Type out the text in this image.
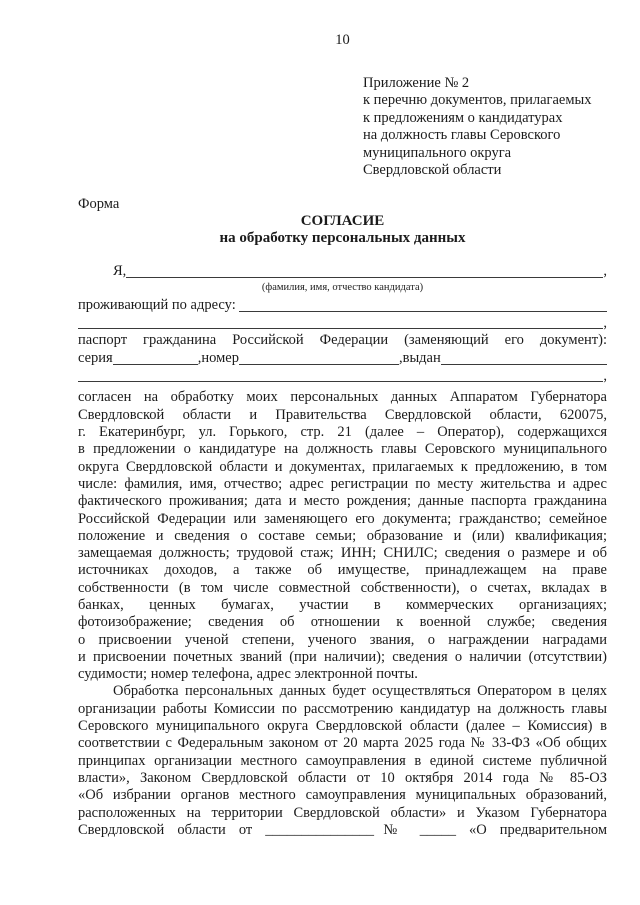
10
Приложение № 2
к перечню документов, прилагаемых
к предложениям о кандидатурах
на должность главы Серовского
муниципального округа
Свердловской области
Форма
СОГЛАСИЕ
на обработку персональных данных
Я,	,
(фамилия, имя, отчество кандидата)
проживающий по адресу:
,
паспорт гражданина Российской Федерации (заменяющий его документ):
серия	,номер	,выдан
,
согласен на обработку моих персональных данных Аппаратом Губернатора
Свердловской области и Правительства Свердловской области, 620075,
г. Екатеринбург, ул. Горького, стр. 21 (далее – Оператор), содержащихся
в предложении о кандидатуре на должность главы Серовского муниципального
округа Свердловской области и документах, прилагаемых к предложению, в том
числе: фамилия, имя, отчество; адрес регистрации по месту жительства и адрес
фактического проживания; дата и место рождения; данные паспорта гражданина
Российской Федерации или заменяющего его документа; гражданство; семейное
положение и сведения о составе семьи; образование и (или) квалификация;
замещаемая должность; трудовой стаж; ИНН; СНИЛС; сведения о размере и об
источниках доходов, а также об имуществе, принадлежащем на праве
собственности (в том числе совместной собственности), о счетах, вкладах в
банках, ценных бумагах, участии в коммерческих организациях;
фотоизображение; сведения об отношении к военной службе; сведения
о присвоении ученой степени, ученого звания, о награждении наградами
и присвоении почетных званий (при наличии); сведения о наличии (отсутствии)
судимости; номер телефона, адрес электронной почты.
Обработка персональных данных будет осуществляться Оператором в целях
организации работы Комиссии по рассмотрению кандидатур на должность главы
Серовского муниципального округа Свердловской области (далее – Комиссия) в
соответствии с Федеральным законом от 20 марта 2025 года № 33-ФЗ «Об общих
принципах организации местного самоуправления в единой системе публичной
власти», Законом Свердловской области от 10 октября 2014 года № 85-ОЗ
«Об избрании органов местного самоуправления муниципальных образований,
расположенных на территории Свердловской области» и Указом Губернатора
Свердловской области от _______________№ _____ «О предварительном
